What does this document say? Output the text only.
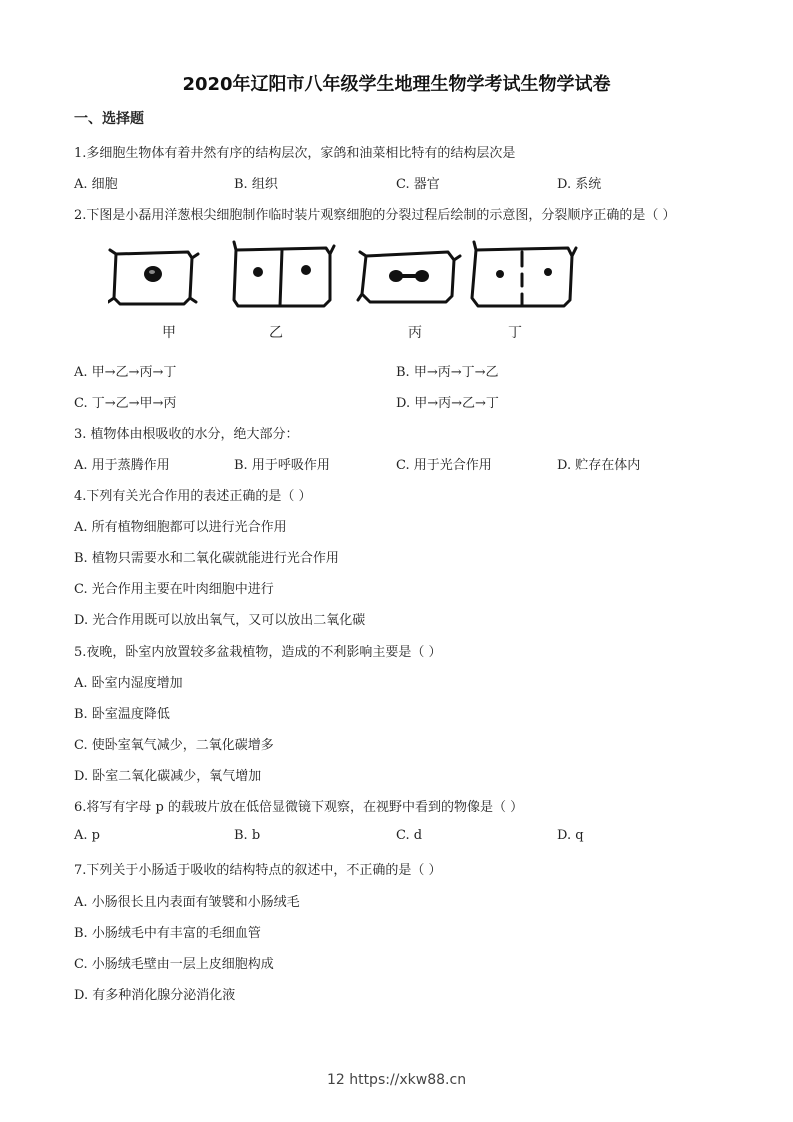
2020年辽阳市八年级学生地理生物学考试生物学试卷
一、选择题
1.多细胞生物体有着井然有序的结构层次，家鸽和油菜相比特有的结构层次是
A. 细胞	B. 组织	C. 器官	D. 系统
2.下图是小磊用洋葱根尖细胞制作临时装片观察细胞的分裂过程后绘制的示意图，分裂顺序正确的是（ ）
甲	乙	丙	丁
A. 甲→乙→丙→丁	B. 甲→丙→丁→乙
C. 丁→乙→甲→丙	D. 甲→丙→乙→丁
3. 植物体由根吸收的水分，绝大部分：
A. 用于蒸腾作用	B. 用于呼吸作用	C. 用于光合作用	D. 贮存在体内
4.下列有关光合作用的表述正确的是（ ）
A. 所有植物细胞都可以进行光合作用
B. 植物只需要水和二氧化碳就能进行光合作用
C. 光合作用主要在叶肉细胞中进行
D. 光合作用既可以放出氧气，又可以放出二氧化碳
5.夜晚，卧室内放置较多盆栽植物，造成的不利影响主要是（ ）
A. 卧室内湿度增加
B. 卧室温度降低
C. 使卧室氧气减少，二氧化碳增多
D. 卧室二氧化碳减少，氧气增加
6.将写有字母 p 的载玻片放在低倍显微镜下观察，在视野中看到的物像是（ ）
A. p	B. b	C. d	D. q
7.下列关于小肠适于吸收的结构特点的叙述中，不正确的是（ ）
A. 小肠很长且内表面有皱襞和小肠绒毛
B. 小肠绒毛中有丰富的毛细血管
C. 小肠绒毛壁由一层上皮细胞构成
D. 有多种消化腺分泌消化液
12 https://xkw88.cn
